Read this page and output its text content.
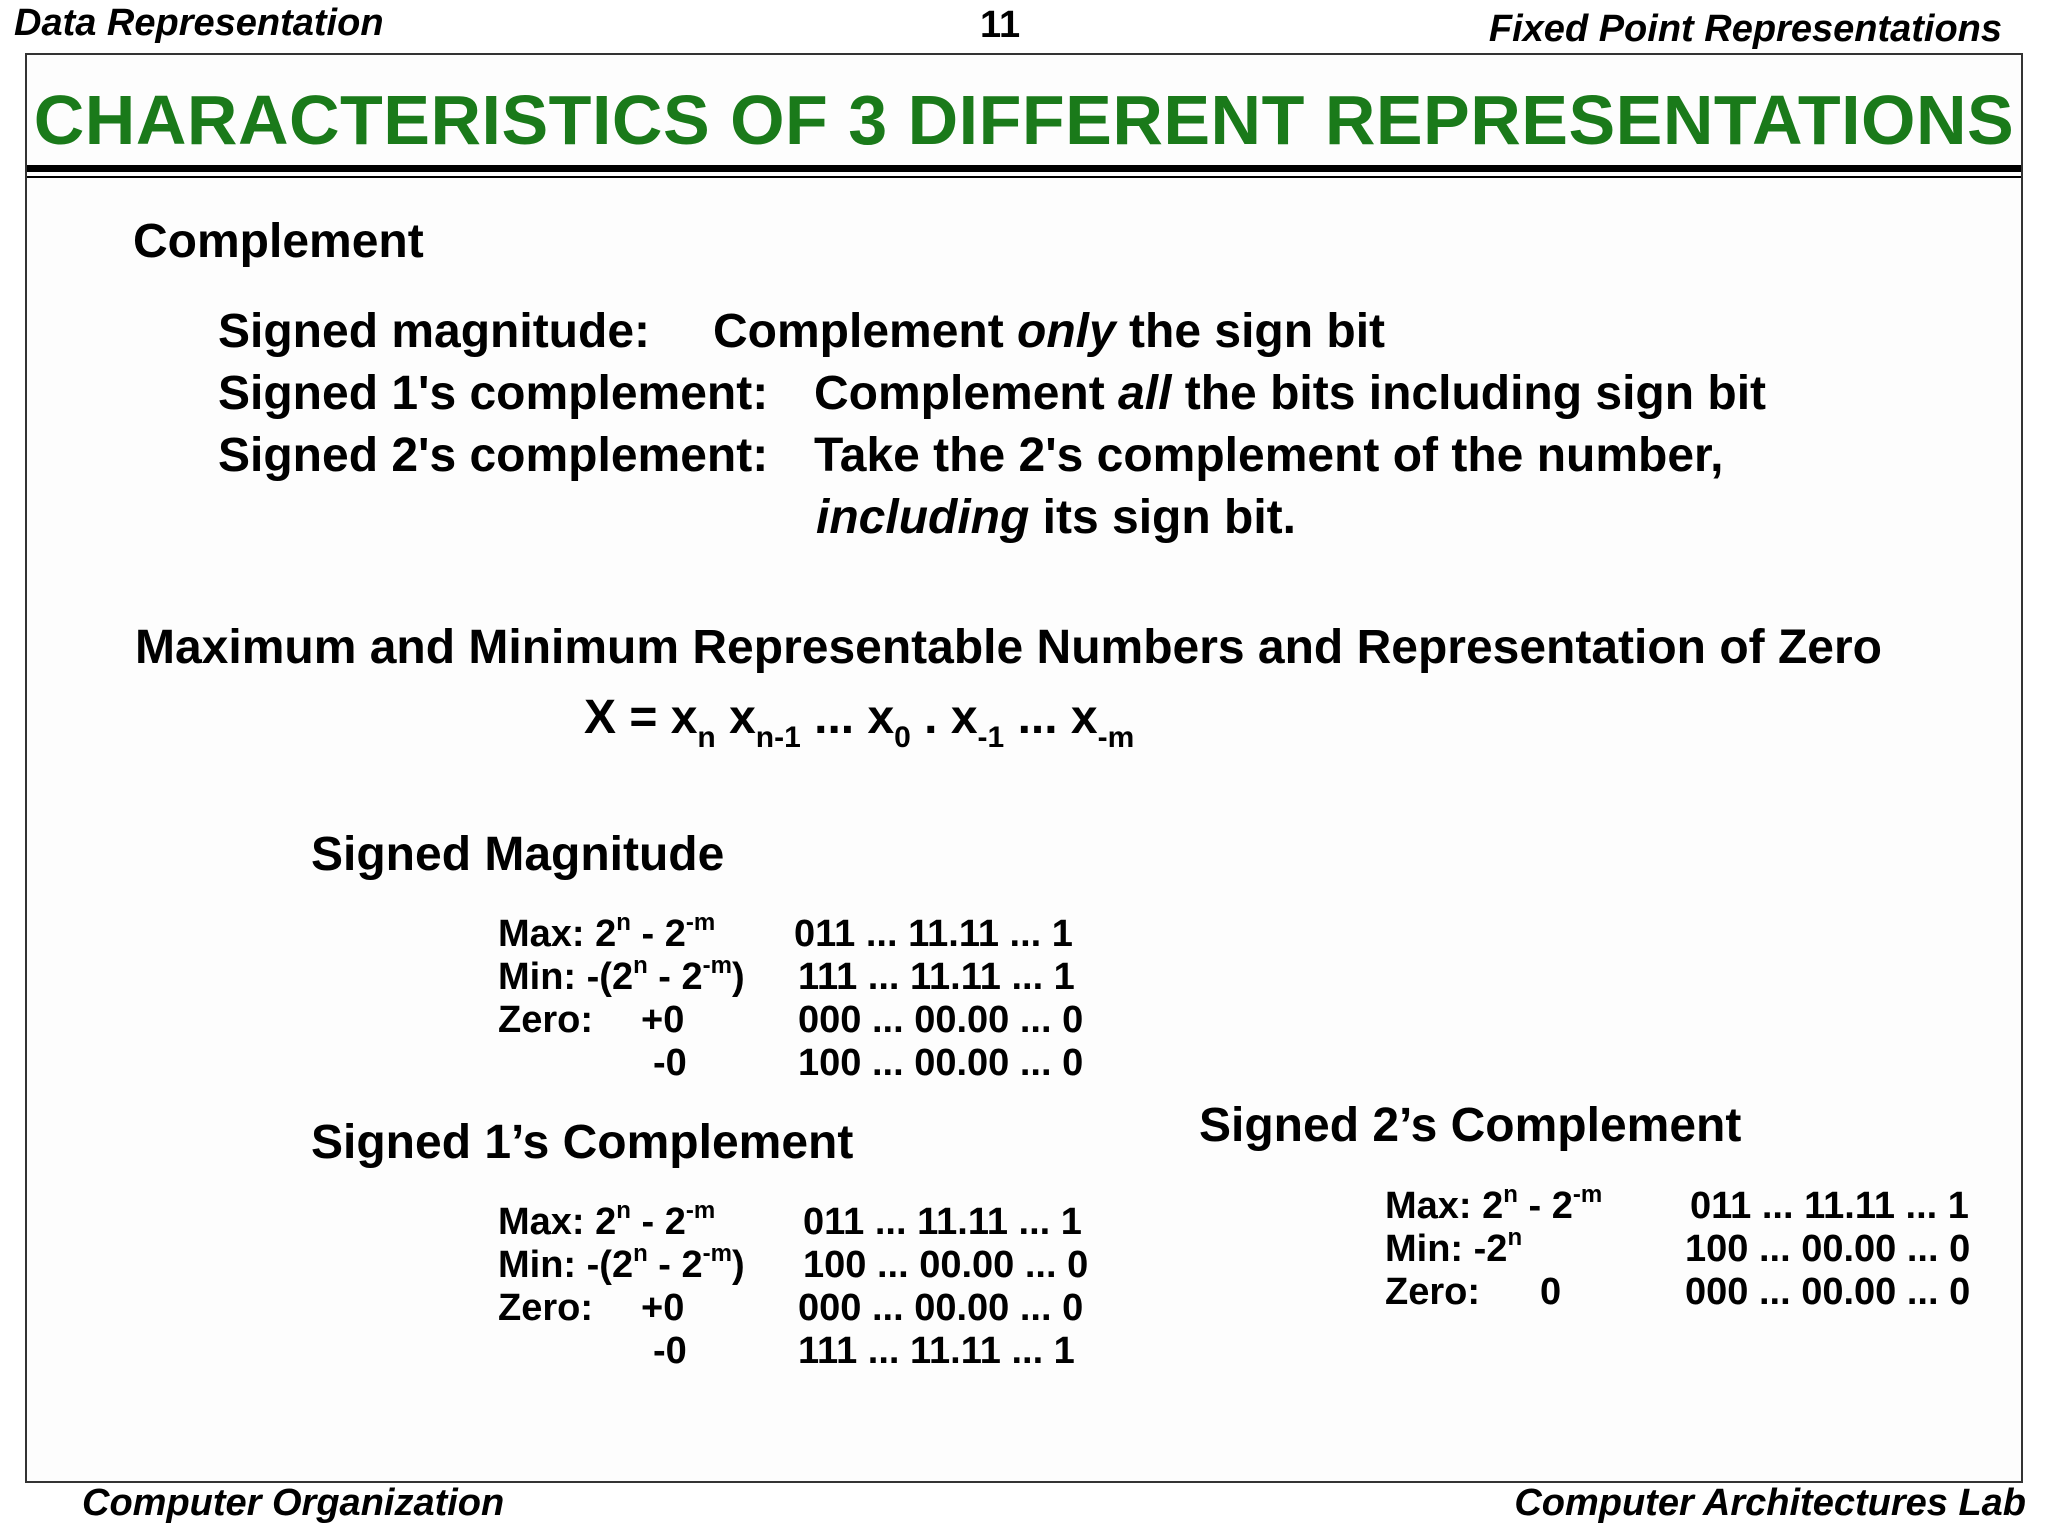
Data Representation	11	Fixed Point Representations
CHARACTERISTICS OF 3 DIFFERENT REPRESENTATIONS
Complement
Signed magnitude: Complement only the sign bit
Signed 1's complement: Complement all the bits including sign bit
Signed 2's complement: Take the 2's complement of the number,
including its sign bit.
Maximum and Minimum Representable Numbers and Representation of Zero
$X = x_n$ $x_{n-1}$ ... $x_0$ . $x_{-1}$ ... $x_{-m}$
Signed Magnitude
Max: $2^n - 2^{-m}$ 011 ... 11.11 ... 1
Min: $-(2^n - 2^{-m})$ 111 ... 11.11 ... 1
Zero: +0	000 ... 00.00 ... 0
-0	100 ... 00.00 ... 0
Signed 1’s Complement
Max: $2^n - 2^{-m}$ 011 ... 11.11 ... 1
Min: $-(2^n - 2^{-m})$ 100 ... 00.00 ... 0
Zero: +0	000 ... 00.00 ... 0
-0	111 ... 11.11 ... 1
Signed 2’s Complement
Max: $2^n - 2^{-m}$ 011 ... 11.11 ... 1
Min: -2$^n$	100 ... 00.00 ... 0
Zero: 0	000 ... 00.00 ... 0
Computer Organization	Computer Architectures Lab
